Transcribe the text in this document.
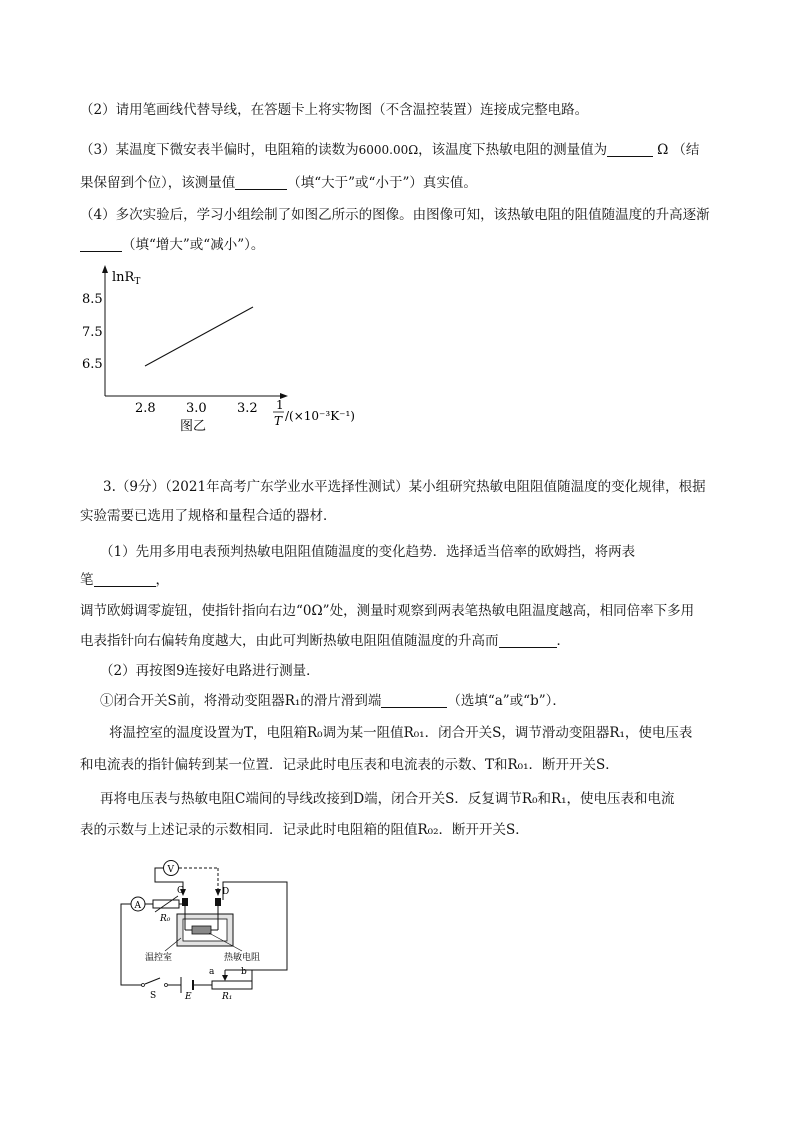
（2）请用笔画线代替导线，在答题卡上将实物图（不含温控装置）连接成完整电路。
（3）某温度下微安表半偏时，电阻箱的读数为6000.00Ω，该温度下热敏电阻的测量值为	Ω （结
果保留到个位），该测量值	（填“大于”或“小于”）真实值。
（4）多次实验后，学习小组绘制了如图乙所示的图像。由图像可知，该热敏电阻的阻值随温度的升高逐渐
（填“增大”或“减小”）。
lnR$_T$
8.5
7.5
6.5
2.8 3.0 3.2 1
T /(×10⁻³K⁻¹)
图乙
3.（9分）（2021年高考广东学业水平选择性测试）某小组研究热敏电阻阻值随温度的变化规律，根据
实验需要已选用了规格和量程合适的器材．
（1）先用多用电表预判热敏电阻阻值随温度的变化趋势．选择适当倍率的欧姆挡，将两表
笔	，
调节欧姆调零旋钮，使指针指向右边“0Ω”处，测量时观察到两表笔热敏电阻温度越高，相同倍率下多用
电表指针向右偏转角度越大，由此可判断热敏电阻阻值随温度的升高而	．
（2）再按图9连接好电路进行测量．
①闭合开关S前，将滑动变阻器R₁的滑片滑到端	（选填“a”或“b”）．
将温控室的温度设置为T，电阻箱R₀调为某一阻值R₀₁．闭合开关S，调节滑动变阻器R₁，使电压表
和电流表的指针偏转到某一位置．记录此时电压表和电流表的示数、T和R₀₁．断开开关S．
再将电压表与热敏电阻C端间的导线改接到D端，闭合开关S．反复调节R₀和R₁，使电压表和电流
表的示数与上述记录的示数相同．记录此时电阻箱的阻值R₀₂．断开开关S．
V
C	D
A
R₀
温控室	热敏电阻
S	E
a	b
R₁
